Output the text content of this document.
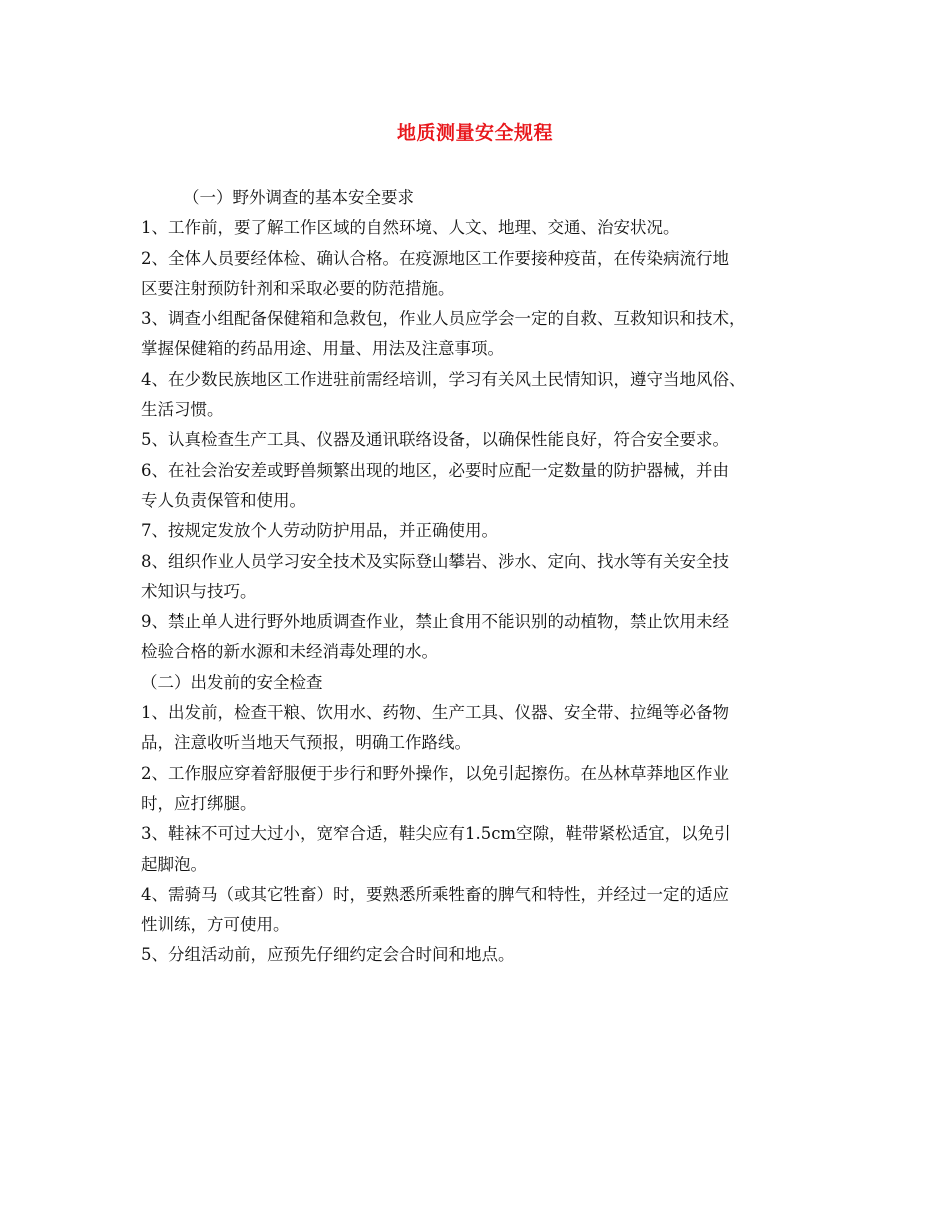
地质测量安全规程

（一）野外调查的基本安全要求

1、工作前，要了解工作区域的自然环境、人文、地理、交通、治安状况。

2、全体人员要经体检、确认合格。在疫源地区工作要接种疫苗，在传染病流行地

区要注射预防针剂和采取必要的防范措施。

3、调查小组配备保健箱和急救包，作业人员应学会一定的自救、互救知识和技术，

掌握保健箱的药品用途、用量、用法及注意事项。

4、在少数民族地区工作进驻前需经培训，学习有关风土民情知识，遵守当地风俗、

生活习惯。

5、认真检查生产工具、仪器及通讯联络设备，以确保性能良好，符合安全要求。

6、在社会治安差或野兽频繁出现的地区，必要时应配一定数量的防护器械，并由

专人负责保管和使用。

7、按规定发放个人劳动防护用品，并正确使用。

8、组织作业人员学习安全技术及实际登山攀岩、涉水、定向、找水等有关安全技

术知识与技巧。

9、禁止单人进行野外地质调查作业，禁止食用不能识别的动植物，禁止饮用未经

检验合格的新水源和未经消毒处理的水。

（二）出发前的安全检查

1、出发前，检查干粮、饮用水、药物、生产工具、仪器、安全带、拉绳等必备物

品，注意收听当地天气预报，明确工作路线。

2、工作服应穿着舒服便于步行和野外操作，以免引起擦伤。在丛林草莽地区作业

时，应打绑腿。

3、鞋袜不可过大过小，宽窄合适，鞋尖应有1.5cm空隙，鞋带紧松适宜，以免引

起脚泡。

4、需骑马（或其它牲畜）时，要熟悉所乘牲畜的脾气和特性，并经过一定的适应

性训练，方可使用。

5、分组活动前，应预先仔细约定会合时间和地点。
